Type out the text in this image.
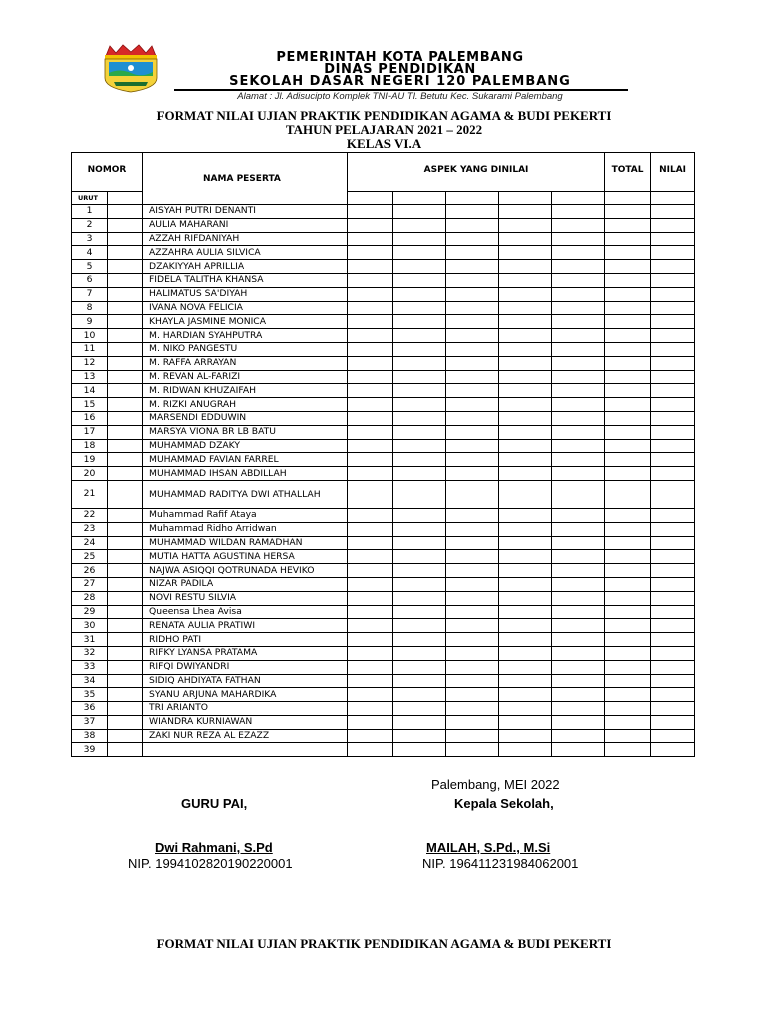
PEMERINTAH KOTA PALEMBANG
DINAS PENDIDIKAN
SEKOLAH DASAR NEGERI 120 PALEMBANG
Alamat : Jl. Adisucipto Komplek TNI-AU Tl. Betutu Kec. Sukarami Palembang
FORMAT NILAI UJIAN PRAKTIK PENDIDIKAN AGAMA & BUDI PEKERTI
TAHUN PELAJARAN 2021 – 2022
KELAS VI.A
NOMOR		NAMA PESERTA	ASPEK YANG DINILAI					TOTAL	NILAI
URUT									
1		AISYAH PUTRI DENANTI							
2		AULIA MAHARANI							
3		AZZAH RIFDANIYAH							
4		AZZAHRA AULIA SILVICA							
5		DZAKIYYAH APRILLIA							
6		FIDELA TALITHA KHANSA							
7		HALIMATUS SA'DIYAH							
8		IVANA NOVA FELICIA							
9		KHAYLA JASMINE MONICA							
10		M. HARDIAN SYAHPUTRA							
11		M. NIKO PANGESTU							
12		M. RAFFA ARRAYAN							
13		M. REVAN AL-FARIZI							
14		M. RIDWAN KHUZAIFAH							
15		M. RIZKI ANUGRAH							
16		MARSENDI EDDUWIN							
17		MARSYA VIONA BR LB BATU							
18		MUHAMMAD DZAKY							
19		MUHAMMAD FAVIAN FARREL							
20		MUHAMMAD IHSAN ABDILLAH							
21		MUHAMMAD RADITYA DWI ATHALLAH							
22		Muhammad Rafif Ataya							
23		Muhammad Ridho Arridwan							
24		MUHAMMAD WILDAN RAMADHAN							
25		MUTIA HATTA AGUSTINA HERSA							
26		NAJWA ASIQQI QOTRUNADA HEVIKO							
27		NIZAR PADILA							
28		NOVI RESTU SILVIA							
29		Queensa Lhea Avisa							
30		RENATA AULIA PRATIWI							
31		RIDHO PATI							
32		RIFKY LYANSA PRATAMA							
33		RIFQI DWIYANDRI							
34		SIDIQ AHDIYATA FATHAN							
35		SYANU ARJUNA MAHARDIKA							
36		TRI ARIANTO							
37		WIANDRA KURNIAWAN							
38		ZAKI NUR REZA AL EZAZZ							
39									
Palembang, MEI 2022
GURU PAI,	Kepala Sekolah,
Dwi Rahmani, S.Pd	MAILAH, S.Pd., M.Si
NIP. 199410282019022000​1	NIP. 196411231984062001
FORMAT NILAI UJIAN PRAKTIK PENDIDIKAN AGAMA & BUDI PEKERTI
